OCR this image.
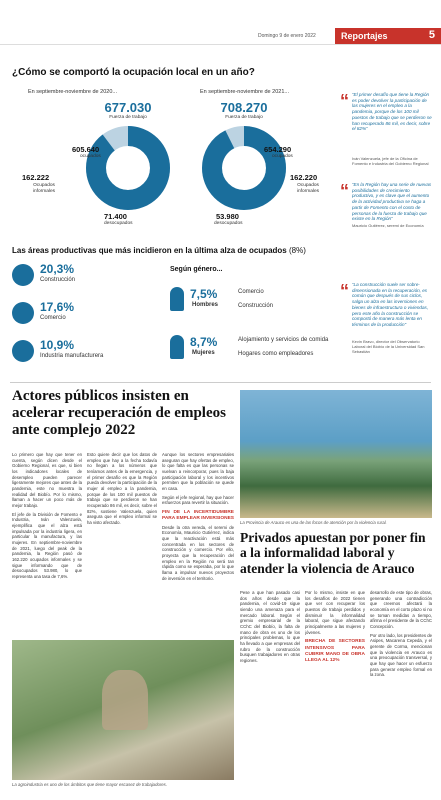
Domingo 9 de enero 2022	Reportajes	5
¿Cómo se comportó la ocupación local en un año?
En septiembre-noviembre de 2020...
677.030
Fuerza de trabajo
605.640
ocupados
162.222
Ocupados informales
71.400
desocupados
En septiembre-noviembre de 2021...
708.270
Fuerza de trabajo
654.290
ocupados
162.220
Ocupados informales
53.980
desocupados
“ “El primer desafío que tiene la Región es poder devolver la participación de las mujeres en el empleo a la pandemia, porque de los 100 mil puestos de trabajo que se perdieron se han recuperado 86 mil, es decir, sobre el 82%”
Iván Valenzuela, jefe de la Oficina de Fomento e Industria del Gobierno Regional
“ “En la Región hay una serie de nuevas posibilidades de crecimiento productivo, y es clave que el aumento de la actividad productiva se haga a partir de Fomento con el costo de personas de la fuerza de trabajo que existe en la Región”
Mauricio Gutiérrez, seremi de Economía
“ “La construcción suele ser sobre-dimensionada en la recuperación, es común que después de sus ciclos, salga un alza en las inversiones en bienes de infraestructura o viviendas, pero este año la construcción se comportó de manera más lenta en términos de la producción”
Kevin Bravo, director del Observatorio Laboral del Biobío de la Universidad San Sebastián
Las áreas productivas que más incidieron en la última alza de ocupados (8%)
20,3%
Construcción
17,6%
Comercio
10,9%
Industria manufacturera
Según género...
7,5%
Hombres
Comercio
Construcción
8,7%
Mujeres
Alojamiento y servicios de comida
Hogares como empleadores
Actores públicos insisten en acelerar recuperación de empleos ante complejo 2022

Lo primero que hay que tener en cuenta, según dicen desde el Gobierno Regional, es que, si bien los indicadores locales de desempleo pueden parecer ligeramente mejores que antes de la pandemia, este no muestra la realidad del Biobío. Por lo mismo, llaman a hacer un poco más de mejor trabajo.

El jefe de la División de Fomento e Industria, Iván Valenzuela, ejemplifica que el alza está impulsada por la industria ligera, en particular la manufactura, y las mujeres. En septiembre-noviembre de 2021, luego del peak de la pandemia, la Región pasó de 162.220 ocupados informales y se sigue informando que de desocupados 53.980, lo que representa una tasa de 7,6%.

Esto quiere decir que los datos de empleo que hay a la fecha todavía no llegan a los números que teníamos antes de la emergencia, y el primer desafío es que la Región pueda devolver la participación de la mujer al empleo a la pandemia, porque de los 100 mil puestos de trabajo que se perdieron se han recuperado 86 mil, es decir, sobre el 82%, sostiene Valenzuela, quien asegura que el empleo informal se ha visto afectado.

Aunque los sectores empresariales aseguran que hay ofertas de empleo, lo que falta es que las personas se vuelvan a reincorporar, pues la baja participación laboral y los incentivos permiten que la población se quede en casa.

Según el jefe regional, hay que hacer esfuerzos para revertir la situación.

FIN DE LA INCERTIDUMBRE PARA EMPLEAR INVERSIONES

Desde la otra vereda, el seremi de Economía, Mauricio Gutiérrez, indica que la reactivación está más concentrada en los sectores de construcción y comercio. Por ello, proyecta que la recuperación del empleo en la Región no será tan rápida como se esperaba, por lo que llama a impulsar nuevos proyectos de inversión en el territorio.

La agroindustria es uno de los ámbitos que tiene mayor escasez de trabajadores.
La Provincia de Arauco es una de las focos de atención por la violencia rural.
Privados apuestan por poner fin a la informalidad laboral y atender la violencia de Arauco

Pese a que han pasado casi dos años desde que la pandemia, el covid-19 sigue siendo una amenaza para el mercado laboral. Según el gremio empresarial de la CChC del Biobío, la falta de mano de obra es uno de los principales problemas, lo que ha llevado a que empresas del rubro de la construcción busquen trabajadores en otras regiones.

Por lo mismo, insiste en que los desafíos de 2022 tienen que ver con recuperar los puestos de trabajo perdidos y disminuir la informalidad laboral, que sigue afectando principalmente a las mujeres y jóvenes.

BRECHA DE SECTORES INTENSIVOS PARA CUBRIR MANO DE OBRA LLEGA AL 12%

desarrollo de este tipo de obras, generando una contradicción que creemos afectará la economía en el corto plazo si no se toman medidas a tiempo, afirma el presidente de la CChC Concepción.

Por otro lado, los presidentes de Asipes, Macarena Cepeda, y el gerente de Corma, mencionan que la violencia en Arauco es una preocupación transversal, y que hay que hacer un esfuerzo para generar empleo formal en la zona.
